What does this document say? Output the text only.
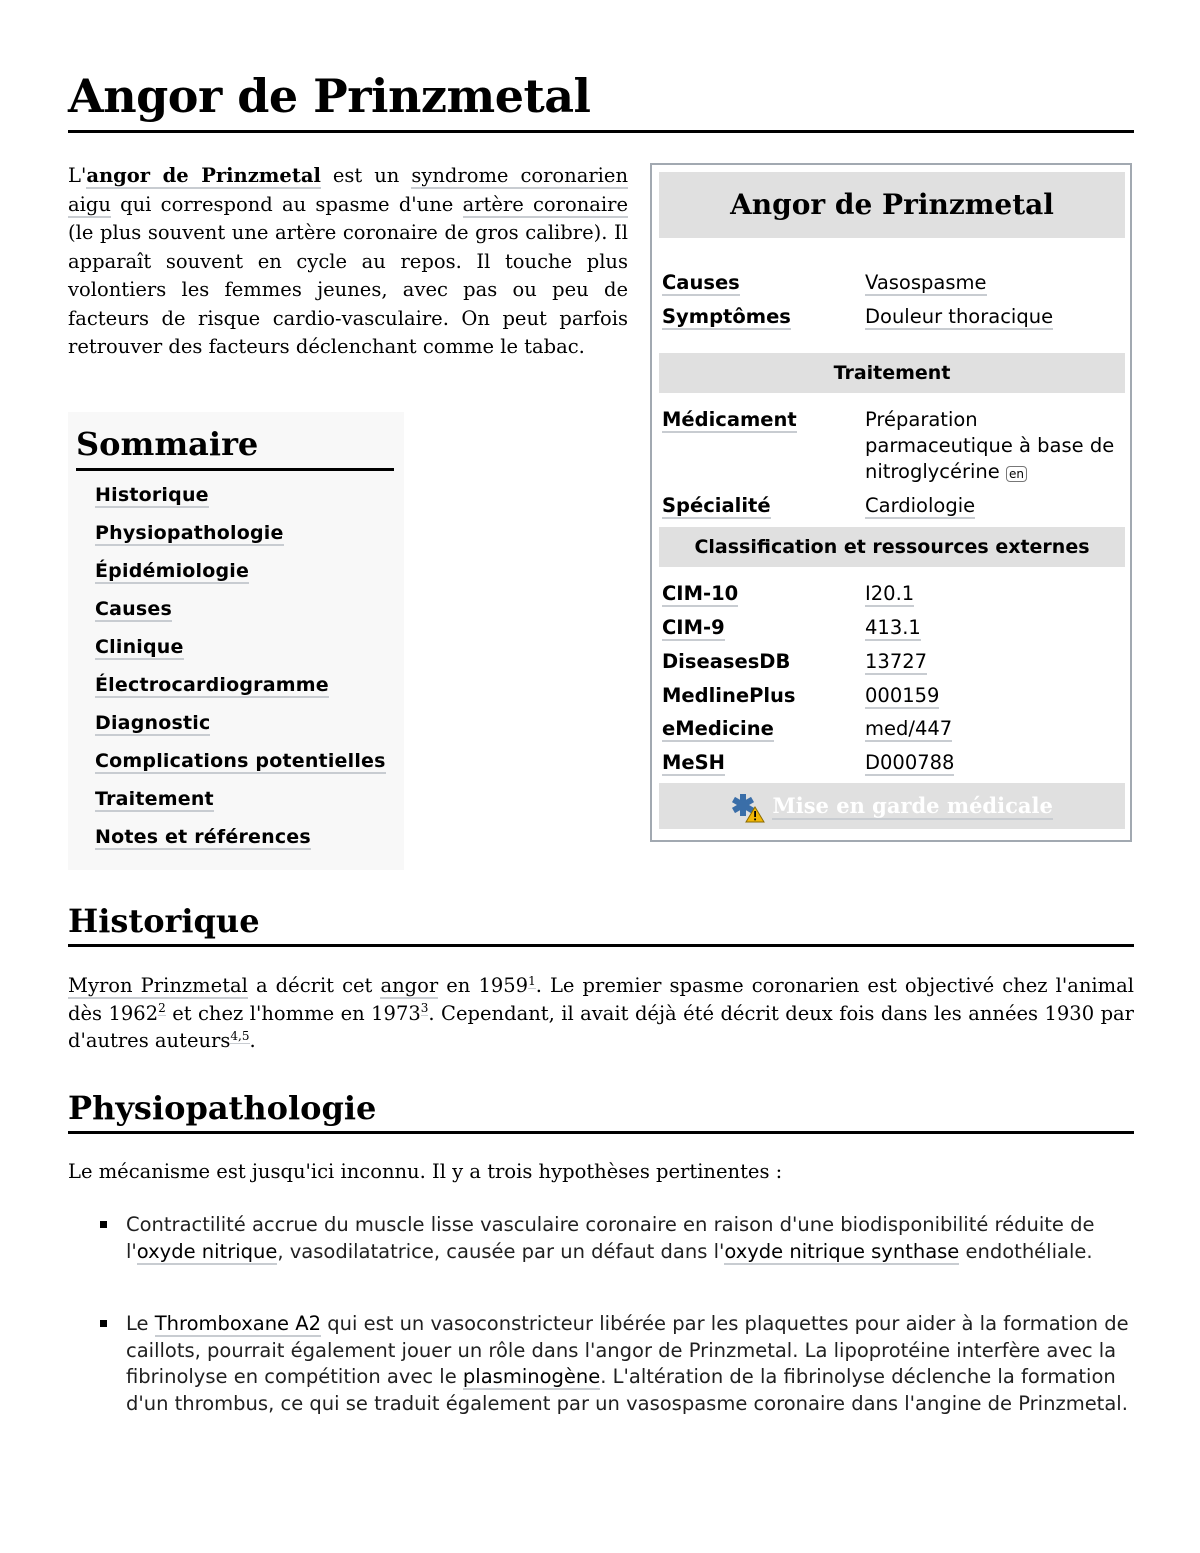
Angor de Prinzmetal

L'angor de Prinzmetal est un syndrome coronarien aigu qui correspond au spasme d'une artère coronaire (le plus souvent une artère coronaire de gros calibre). Il apparaît souvent en cycle au repos. Il touche plus volontiers les femmes jeunes, avec pas ou peu de facteurs de risque cardio-vasculaire. On peut parfois retrouver des facteurs déclenchant comme le tabac.

Sommaire
Historique
Physiopathologie
Épidémiologie
Causes
Clinique
Électrocardiogramme
Diagnostic
Complications potentielles
Traitement
Notes et références
Angor de Prinzmetal
Causes	Vasospasme
Symptômes	Douleur thoracique
Traitement
Médicament	Préparation parmaceutique à base de nitroglycérine en
Spécialité	Cardiologie
Classification et ressources externes
CIM-10	I20.1
CIM-9	413.1
DiseasesDB	13727
MedlinePlus	000159
eMedicine	med/447
MeSH	D000788
Mise en garde médicale
Historique

Myron Prinzmetal a décrit cet angor en 1959$^1$. Le premier spasme coronarien est objectivé chez l'animal dès 1962$^2$ et chez l'homme en 1973$^3$. Cependant, il avait déjà été décrit deux fois dans les années 1930 par d'autres auteurs$^{4,5}$.

Physiopathologie

Le mécanisme est jusqu'ici inconnu. Il y a trois hypothèses pertinentes :

Contractilité accrue du muscle lisse vasculaire coronaire en raison d'une biodisponibilité réduite de l'oxyde nitrique, vasodilatatrice, causée par un défaut dans l'oxyde nitrique synthase endothéliale.
Le Thromboxane A2 qui est un vasoconstricteur libérée par les plaquettes pour aider à la formation de caillots, pourrait également jouer un rôle dans l'angor de Prinzmetal. La lipoprotéine interfère avec la fibrinolyse en compétition avec le plasminogène. L'altération de la fibrinolyse déclenche la formation d'un thrombus, ce qui se traduit également par un vasospasme coronaire dans l'angine de Prinzmetal.
